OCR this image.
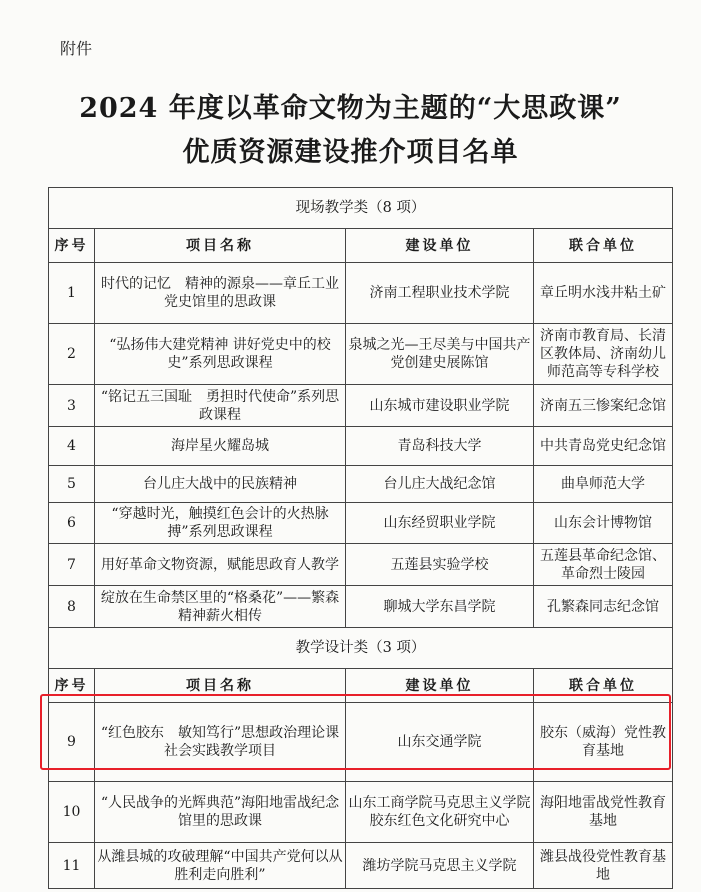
附件
2024 年度以革命文物为主题的“大思政课”
优质资源建设推介项目名单
现场教学类（8 项）			
序号	项目名称	建设单位	联合单位
1	时代的记忆　精神的源泉——章丘工业党史馆里的思政课	济南工程职业技术学院	章丘明水浅井粘土矿
2	“弘扬伟大建党精神 讲好党史中的校史”系列思政课程	泉城之光—王尽美与中国共产党创建史展陈馆	济南市教育局、长清区教体局、济南幼儿师范高等专科学校
3	“铭记五三国耻　勇担时代使命”系列思政课程	山东城市建设职业学院	济南五三惨案纪念馆
4	海岸星火耀岛城	青岛科技大学	中共青岛党史纪念馆
5	台儿庄大战中的民族精神	台儿庄大战纪念馆	曲阜师范大学
6	“穿越时光，触摸红色会计的火热脉搏”系列思政课程	山东经贸职业学院	山东会计博物馆
7	用好革命文物资源，赋能思政育人教学	五莲县实验学校	五莲县革命纪念馆、革命烈士陵园
8	绽放在生命禁区里的“格桑花”——繁森精神薪火相传	聊城大学东昌学院	孔繁森同志纪念馆
教学设计类（3 项）			
序号	项目名称	建设单位	联合单位
9	“红色胶东　敏知笃行”思想政治理论课社会实践教学项目	山东交通学院	胶东（威海）党性教育基地
10	“人民战争的光辉典范”海阳地雷战纪念馆里的思政课	山东工商学院马克思主义学院胶东红色文化研究中心	海阳地雷战党性教育基地
11	从潍县城的攻破理解“中国共产党何以从胜利走向胜利”	潍坊学院马克思主义学院	潍县战役党性教育基地
